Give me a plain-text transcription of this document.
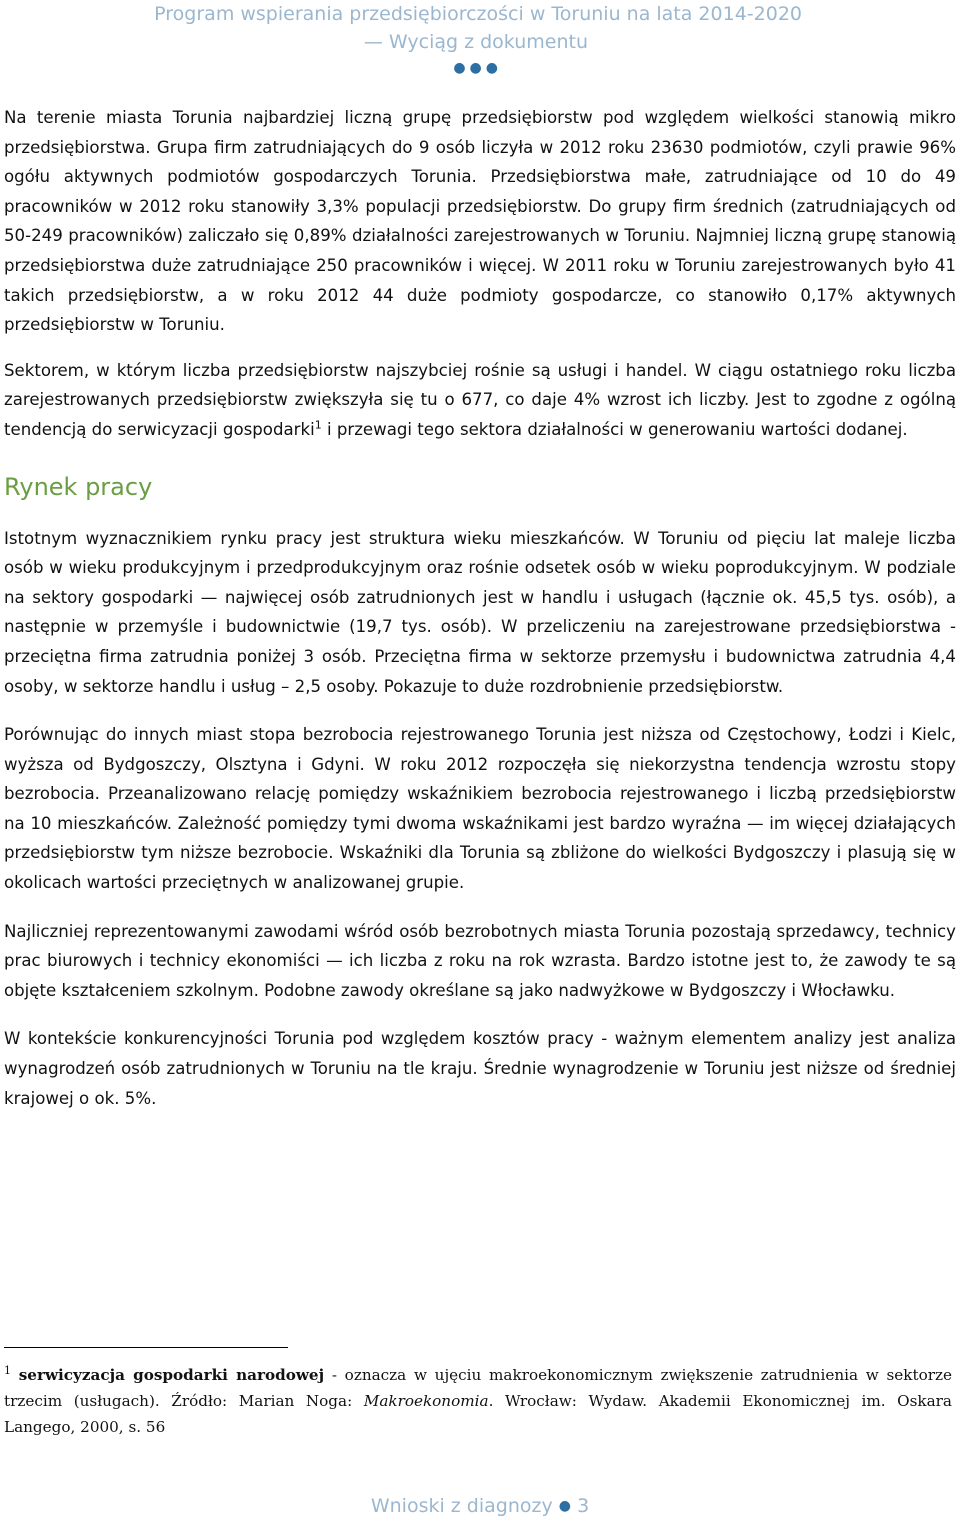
Program wspierania przedsiębiorczości w Toruniu na lata 2014-2020
— Wyciąg z dokumentu
●●●

Na terenie miasta Torunia najbardziej liczną grupę przedsiębiorstw pod względem wielkości stanowią mikro przedsiębiorstwa. Grupa firm zatrudniających do 9 osób liczyła w 2012 roku 23630 podmiotów, czyli prawie 96% ogółu aktywnych podmiotów gospodarczych Torunia. Przedsiębiorstwa małe, zatrudniające od 10 do 49 pracowników w 2012 roku stanowiły 3,3% populacji przedsiębiorstw. Do grupy firm średnich (zatrudniających od 50-249 pracowników) zaliczało się 0,89% działalności zarejestrowanych w Toruniu. Najmniej liczną grupę stanowią przedsiębiorstwa duże zatrudniające 250 pracowników i więcej. W 2011 roku w Toruniu zarejestrowanych było 41 takich przedsiębiorstw, a w roku 2012 44 duże podmioty gospodarcze, co stanowiło 0,17% aktywnych przedsiębiorstw w Toruniu.

Sektorem, w którym liczba przedsiębiorstw najszybciej rośnie są usługi i handel. W ciągu ostatniego roku liczba zarejestrowanych przedsiębiorstw zwiększyła się tu o 677, co daje 4% wzrost ich liczby. Jest to zgodne z ogólną tendencją do serwicyzacji gospodarki$^1$ i przewagi tego sektora działalności w generowaniu wartości dodanej.

Rynek pracy

Istotnym wyznacznikiem rynku pracy jest struktura wieku mieszkańców. W Toruniu od pięciu lat maleje liczba osób w wieku produkcyjnym i przedprodukcyjnym oraz rośnie odsetek osób w wieku poprodukcyjnym. W podziale na sektory gospodarki — najwięcej osób zatrudnionych jest w handlu i usługach (łącznie ok. 45,5 tys. osób), a następnie w przemyśle i budownictwie (19,7 tys. osób). W przeliczeniu na zarejestrowane przedsiębiorstwa - przeciętna firma zatrudnia poniżej 3 osób. Przeciętna firma w sektorze przemysłu i budownictwa zatrudnia 4,4 osoby, w sektorze handlu i usług – 2,5 osoby. Pokazuje to duże rozdrobnienie przedsiębiorstw.

Porównując do innych miast stopa bezrobocia rejestrowanego Torunia jest niższa od Częstochowy, Łodzi i Kielc, wyższa od Bydgoszczy, Olsztyna i Gdyni. W roku 2012 rozpoczęła się niekorzystna tendencja wzrostu stopy bezrobocia. Przeanalizowano relację pomiędzy wskaźnikiem bezrobocia rejestrowanego i liczbą przedsiębiorstw na 10 mieszkańców. Zależność pomiędzy tymi dwoma wskaźnikami jest bardzo wyraźna — im więcej działających przedsiębiorstw tym niższe bezrobocie. Wskaźniki dla Torunia są zbliżone do wielkości Bydgoszczy i plasują się w okolicach wartości przeciętnych w analizowanej grupie.

Najliczniej reprezentowanymi zawodami wśród osób bezrobotnych miasta Torunia pozostają sprzedawcy, technicy prac biurowych i technicy ekonomiści — ich liczba z roku na rok wzrasta. Bardzo istotne jest to, że zawody te są objęte kształceniem szkolnym. Podobne zawody określane są jako nadwyżkowe w Bydgoszczy i Włocławku.

W kontekście konkurencyjności Torunia pod względem kosztów pracy - ważnym elementem analizy jest analiza wynagrodzeń osób zatrudnionych w Toruniu na tle kraju. Średnie wynagrodzenie w Toruniu jest niższe od średniej krajowej o ok. 5%.

$^1$ serwicyzacja gospodarki narodowej - oznacza w ujęciu makroekonomicznym zwiększenie zatrudnienia w sektorze trzecim (usługach). Źródło: Marian Noga: Makroekonomia. Wrocław: Wydaw. Akademii Ekonomicznej im. Oskara Langego, 2000, s. 56
Wnioski z diagnozy ● 3
